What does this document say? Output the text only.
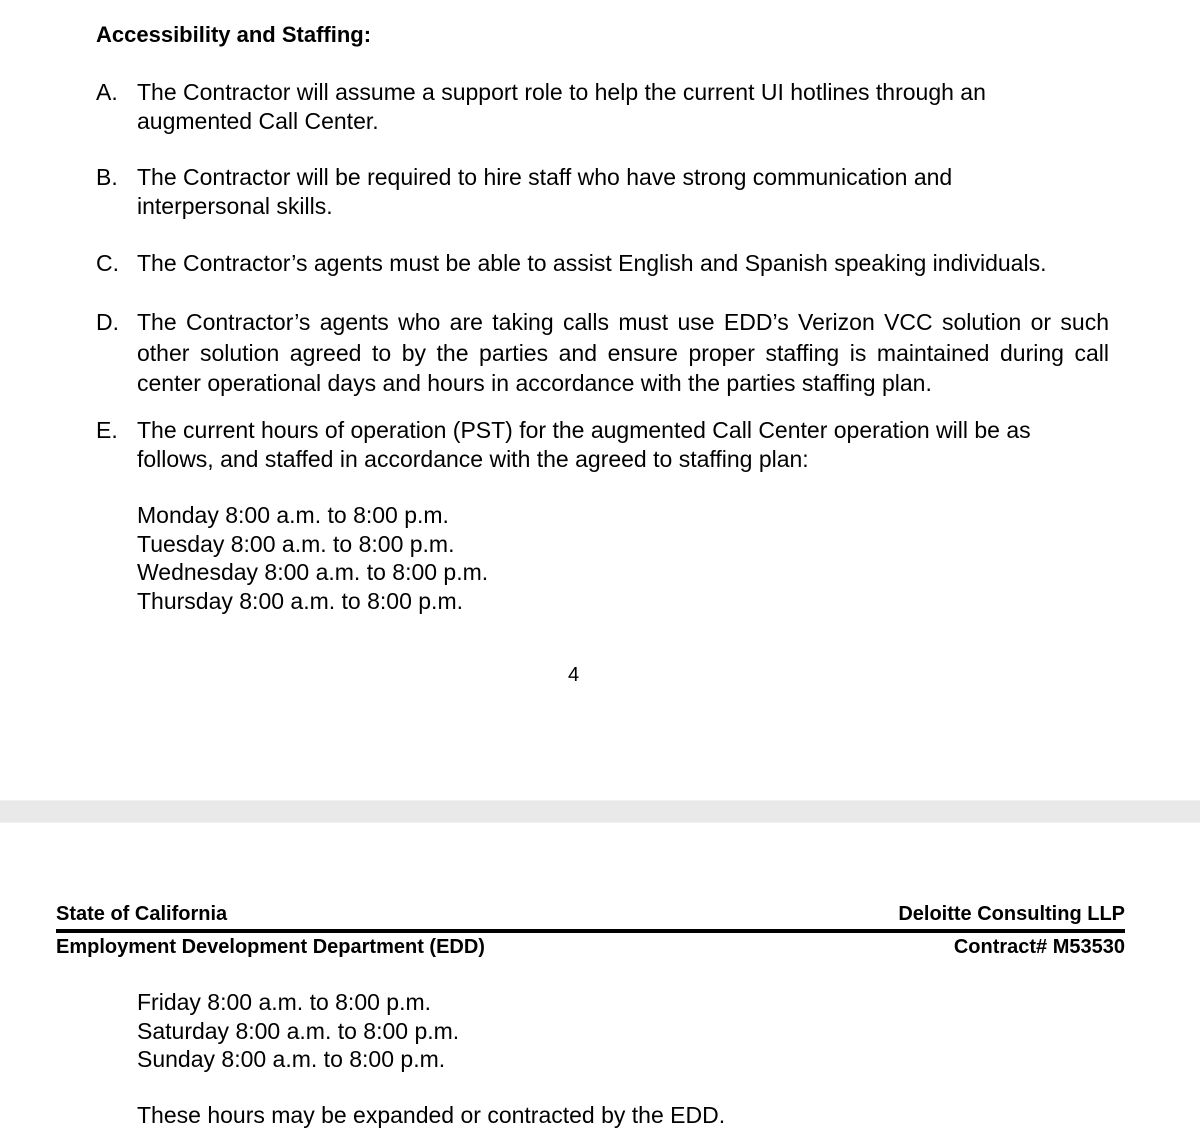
Accessibility and Staffing:
A. The Contractor will assume a support role to help the current UI hotlines through an augmented Call Center.
B. The Contractor will be required to hire staff who have strong communication and interpersonal skills.
C. The Contractor’s agents must be able to assist English and Spanish speaking individuals.
D. The Contractor’s agents who are taking calls must use EDD’s Verizon VCC solution or such other solution agreed to by the parties and ensure proper staffing is maintained during call center operational days and hours in accordance with the parties staffing plan.
E. The current hours of operation (PST) for the augmented Call Center operation will be as follows, and staffed in accordance with the agreed to staffing plan:
Monday 8:00 a.m. to 8:00 p.m.
Tuesday 8:00 a.m. to 8:00 p.m.
Wednesday 8:00 a.m. to 8:00 p.m.
Thursday 8:00 a.m. to 8:00 p.m.
4
State of California	Deloitte Consulting LLP
Employment Development Department (EDD)	Contract# M53530
Friday 8:00 a.m. to 8:00 p.m.
Saturday 8:00 a.m. to 8:00 p.m.
Sunday 8:00 a.m. to 8:00 p.m.
These hours may be expanded or contracted by the EDD.
